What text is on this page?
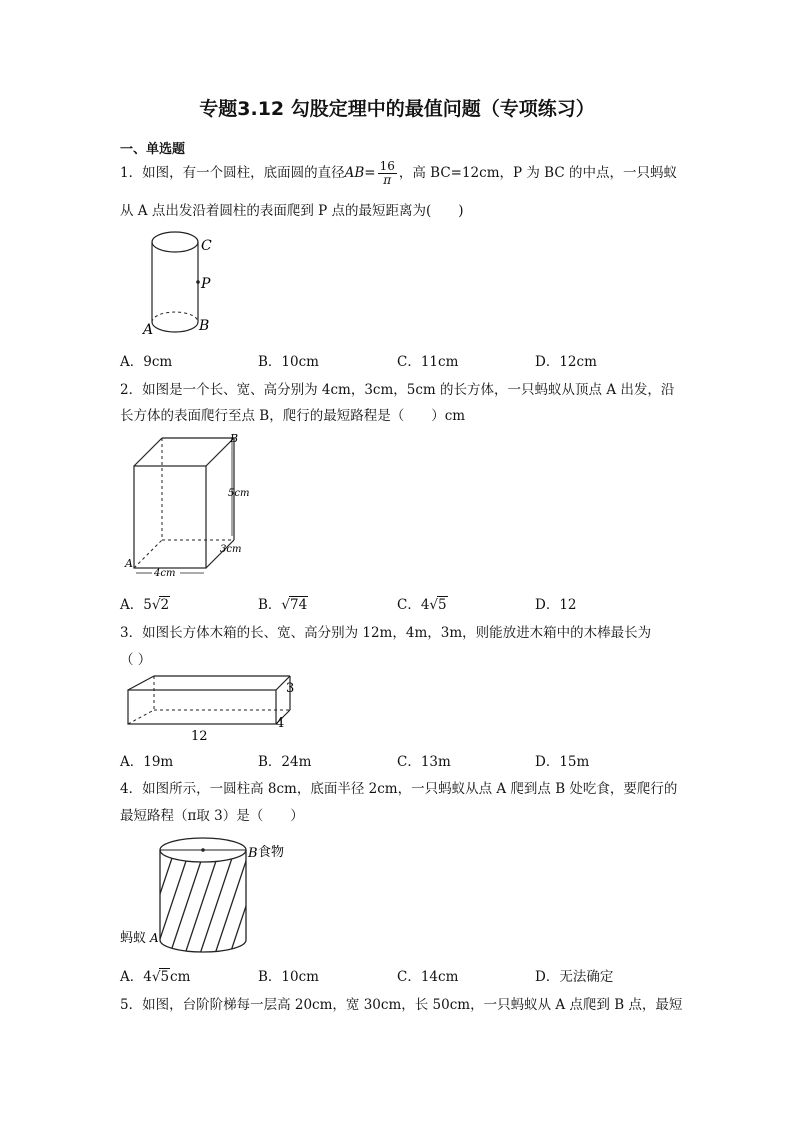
专题3.12 勾股定理中的最值问题（专项练习）
一、单选题
1．如图，有一个圆柱，底面圆的直径$AB= \frac{16}{\pi}$ ，高 BC=12cm，P 为 BC 的中点，一只蚂蚁
从 A 点出发沿着圆柱的表面爬到 P 点的最短距离为(　　)
C
P
A	B
A．9cm	B．10cm	C．11cm	D．12cm
2．如图是一个长、宽、高分别为 4cm，3cm，5cm 的长方体，一只蚂蚁从顶点 A 出发，沿
长方体的表面爬行至点 B，爬行的最短路程是（　　）cm
A
B
5cm
3cm
4cm
A．5√2	B．√74	C．4√5	D．12
3．如图长方体木箱的长、宽、高分别为 12m，4m，3m，则能放进木箱中的木棒最长为
（ ）
3
4
12
A．19m	B．24m	C．13m	D．15m
4．如图所示，一圆柱高 8cm，底面半径 2cm，一只蚂蚁从点 A 爬到点 B 处吃食，要爬行的
最短路程（π取 3）是（　　）
B 食物
蚂蚁 A
A．4√5cm	B．10cm	C．14cm	D．无法确定
5．如图，台阶阶梯每一层高 20cm，宽 30cm，长 50cm，一只蚂蚁从 A 点爬到 B 点，最短
